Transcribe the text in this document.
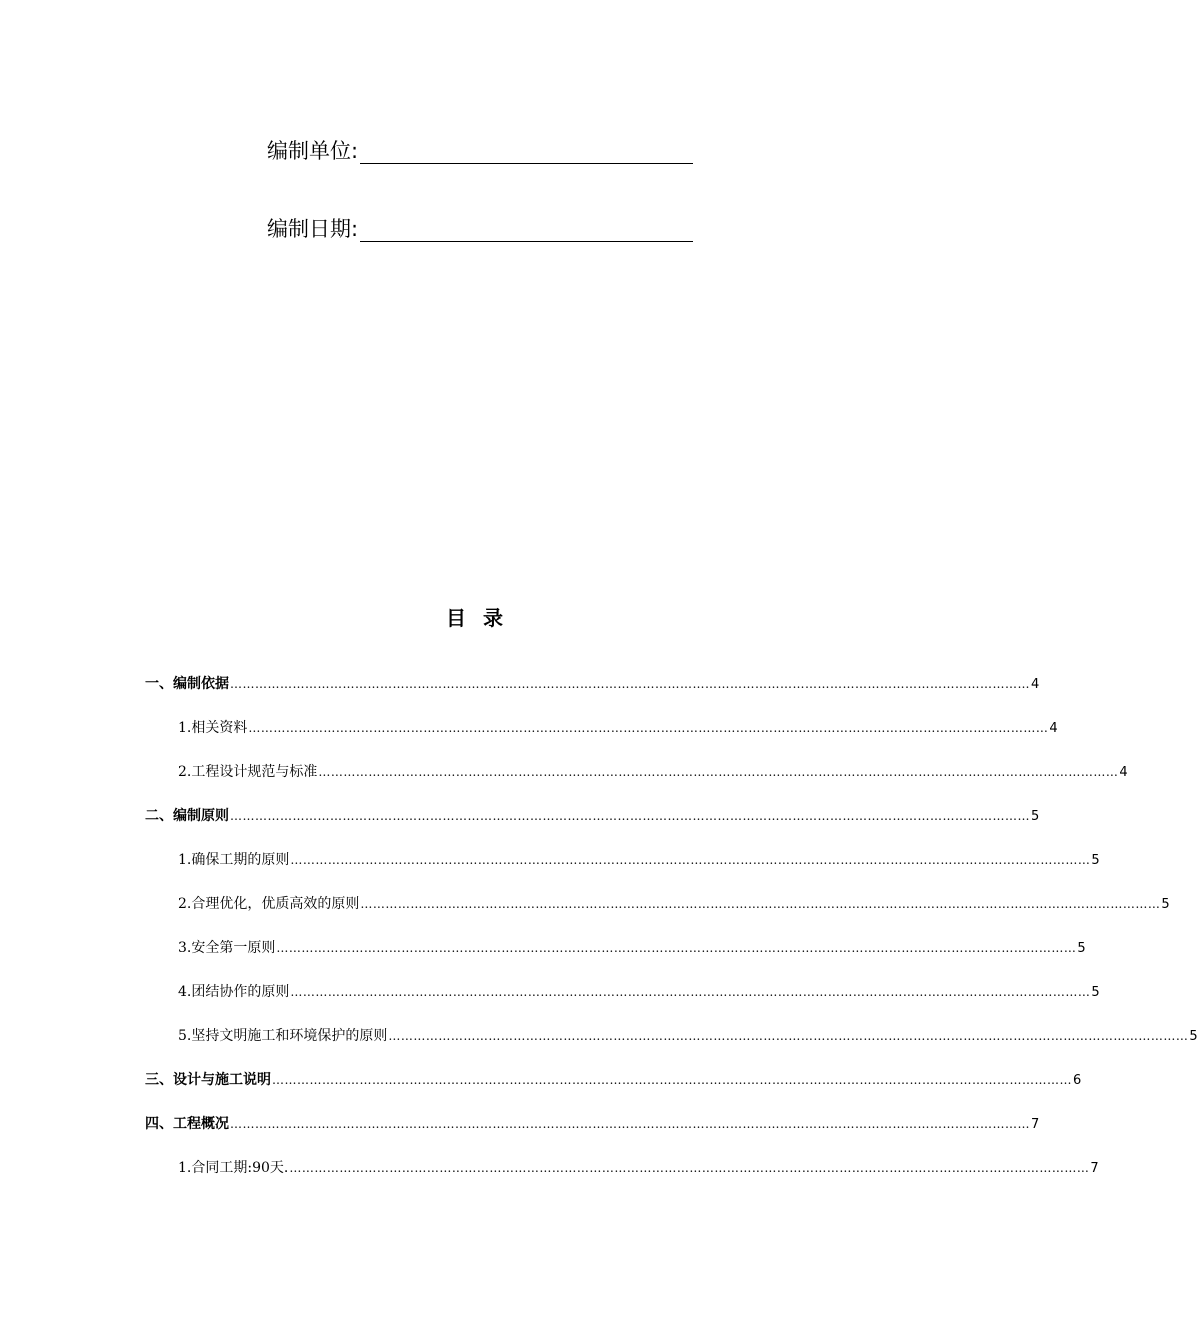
编制单位:
编制日期:
目  录
一、 编制依据 ………………………………………………………………………………………………………………………………………………………………………… 4
1. 相关资料 ………………………………………………………………………………………………………………………………………………………………………… 4
2. 工程设计规范与标准 ………………………………………………………………………………………………………………………………………………………………………… 4
二、 编制原则 ………………………………………………………………………………………………………………………………………………………………………… 5
1. 确保工期的原则 ………………………………………………………………………………………………………………………………………………………………………… 5
2. 合理优化，优质高效的原则 ………………………………………………………………………………………………………………………………………………………………………… 5
3. 安全第一原则 ………………………………………………………………………………………………………………………………………………………………………… 5
4. 团结协作的原则 ………………………………………………………………………………………………………………………………………………………………………… 5
5. 坚持文明施工和环境保护的原则 ………………………………………………………………………………………………………………………………………………………………………… 5
三、 设计与施工说明 ………………………………………………………………………………………………………………………………………………………………………… 6
四、 工程概况 ………………………………………………………………………………………………………………………………………………………………………… 7
1. 合同工期:90天. ………………………………………………………………………………………………………………………………………………………………………… 7
